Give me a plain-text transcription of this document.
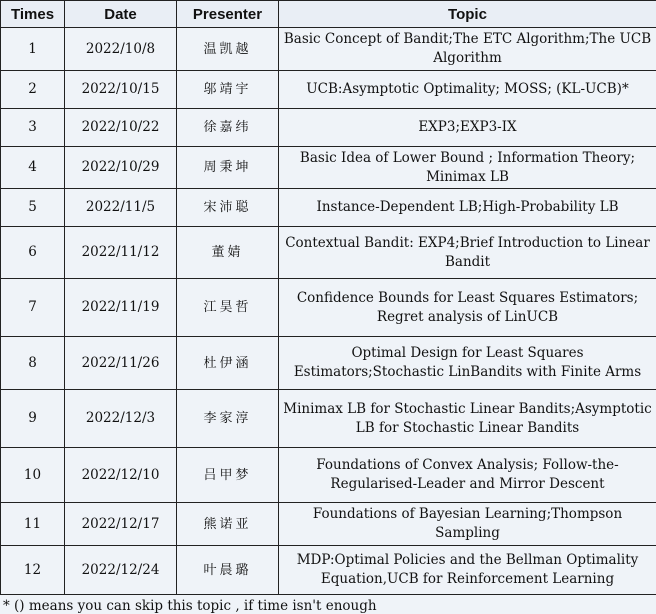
Times	Date	Presenter	Topic
1	2022/10/8	温凯越	Basic Concept of Bandit;The ETC Algorithm;The UCB Algorithm
2	2022/10/15	邬靖宇	UCB:Asymptotic Optimality; MOSS; (KL-UCB)*
3	2022/10/22	徐嘉纬	EXP3;EXP3-IX
4	2022/10/29	周秉坤	Basic Idea of Lower Bound ; Information Theory; Minimax LB
5	2022/11/5	宋沛聪	Instance-Dependent LB;High-Probability LB
6	2022/11/12	董婧	Contextual Bandit: EXP4;Brief Introduction to Linear Bandit
7	2022/11/19	江昊哲	Confidence Bounds for Least Squares Estimators; Regret analysis of LinUCB
8	2022/11/26	杜伊涵	Optimal Design for Least Squares Estimators;Stochastic LinBandits with Finite Arms
9	2022/12/3	李家淳	Minimax LB for Stochastic Linear Bandits;Asymptotic LB for Stochastic Linear Bandits
10	2022/12/10	吕甲梦	Foundations of Convex Analysis; Follow-the-Regularised-Leader and Mirror Descent
11	2022/12/17	熊诺亚	Foundations of Bayesian Learning;Thompson Sampling
12	2022/12/24	叶晨璐	MDP:Optimal Policies and the Bellman Optimality Equation,UCB for Reinforcement Learning
* () means you can skip this topic , if time isn't enough
